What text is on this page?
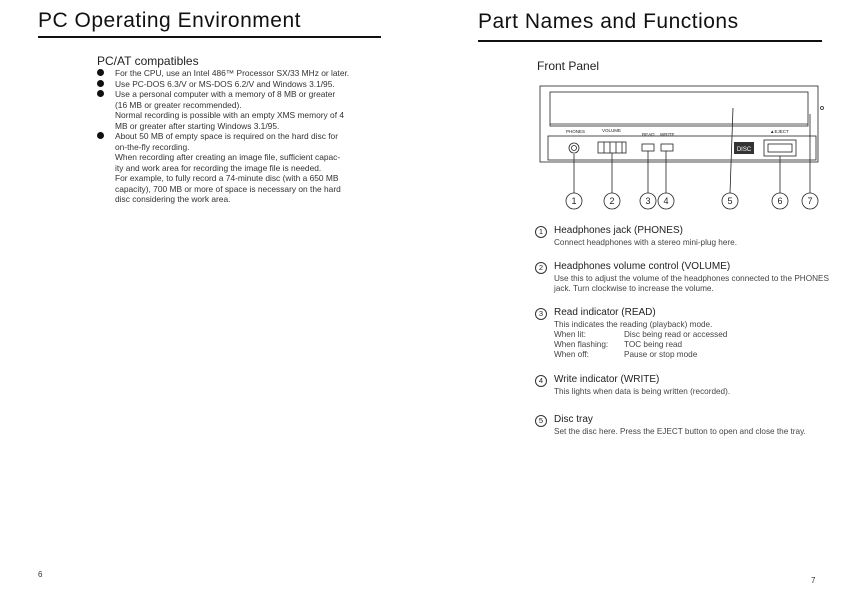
PC Operating Environment
PC/AT compatibles
For the CPU, use an Intel 486™ Processor SX/33 MHz or later.
Use PC-DOS 6.3/V or MS-DOS 6.2/V and Windows 3.1/95.
Use a personal computer with a memory of 8 MB or greater
(16 MB or greater recommended).
Normal recording is possible with an empty XMS memory of 4
MB or greater after starting Windows 3.1/95.
About 50 MB of empty space is required on the hard disc for
on-the-fly recording.
When recording after creating an image file, sufficient capac-
ity and work area for recording the image file is needed.
For example, to fully record a 74-minute disc (with a 650 MB
capacity), 700 MB or more of space is necessary on the hard
disc considering the work area.
6
Part Names and Functions
Front Panel
DISC
PHONES	VOLUME
READ WRITE
▲EJECT
1	2	3 4	5	6	7
1	Headphones jack (PHONES)
Connect headphones with a stereo mini-plug here.
2	Headphones volume control (VOLUME)
Use this to adjust the volume of the headphones connected to the PHONES jack. Turn clockwise to increase the volume.
3	Read indicator (READ)
This indicates the reading (playback) mode.
When lit:	Disc being read or accessed
When flashing: TOC being read
When off:	Pause or stop mode
4	Write indicator (WRITE)
This lights when data is being written (recorded).
5	Disc tray
Set the disc here. Press the EJECT button to open and close the tray.
7
